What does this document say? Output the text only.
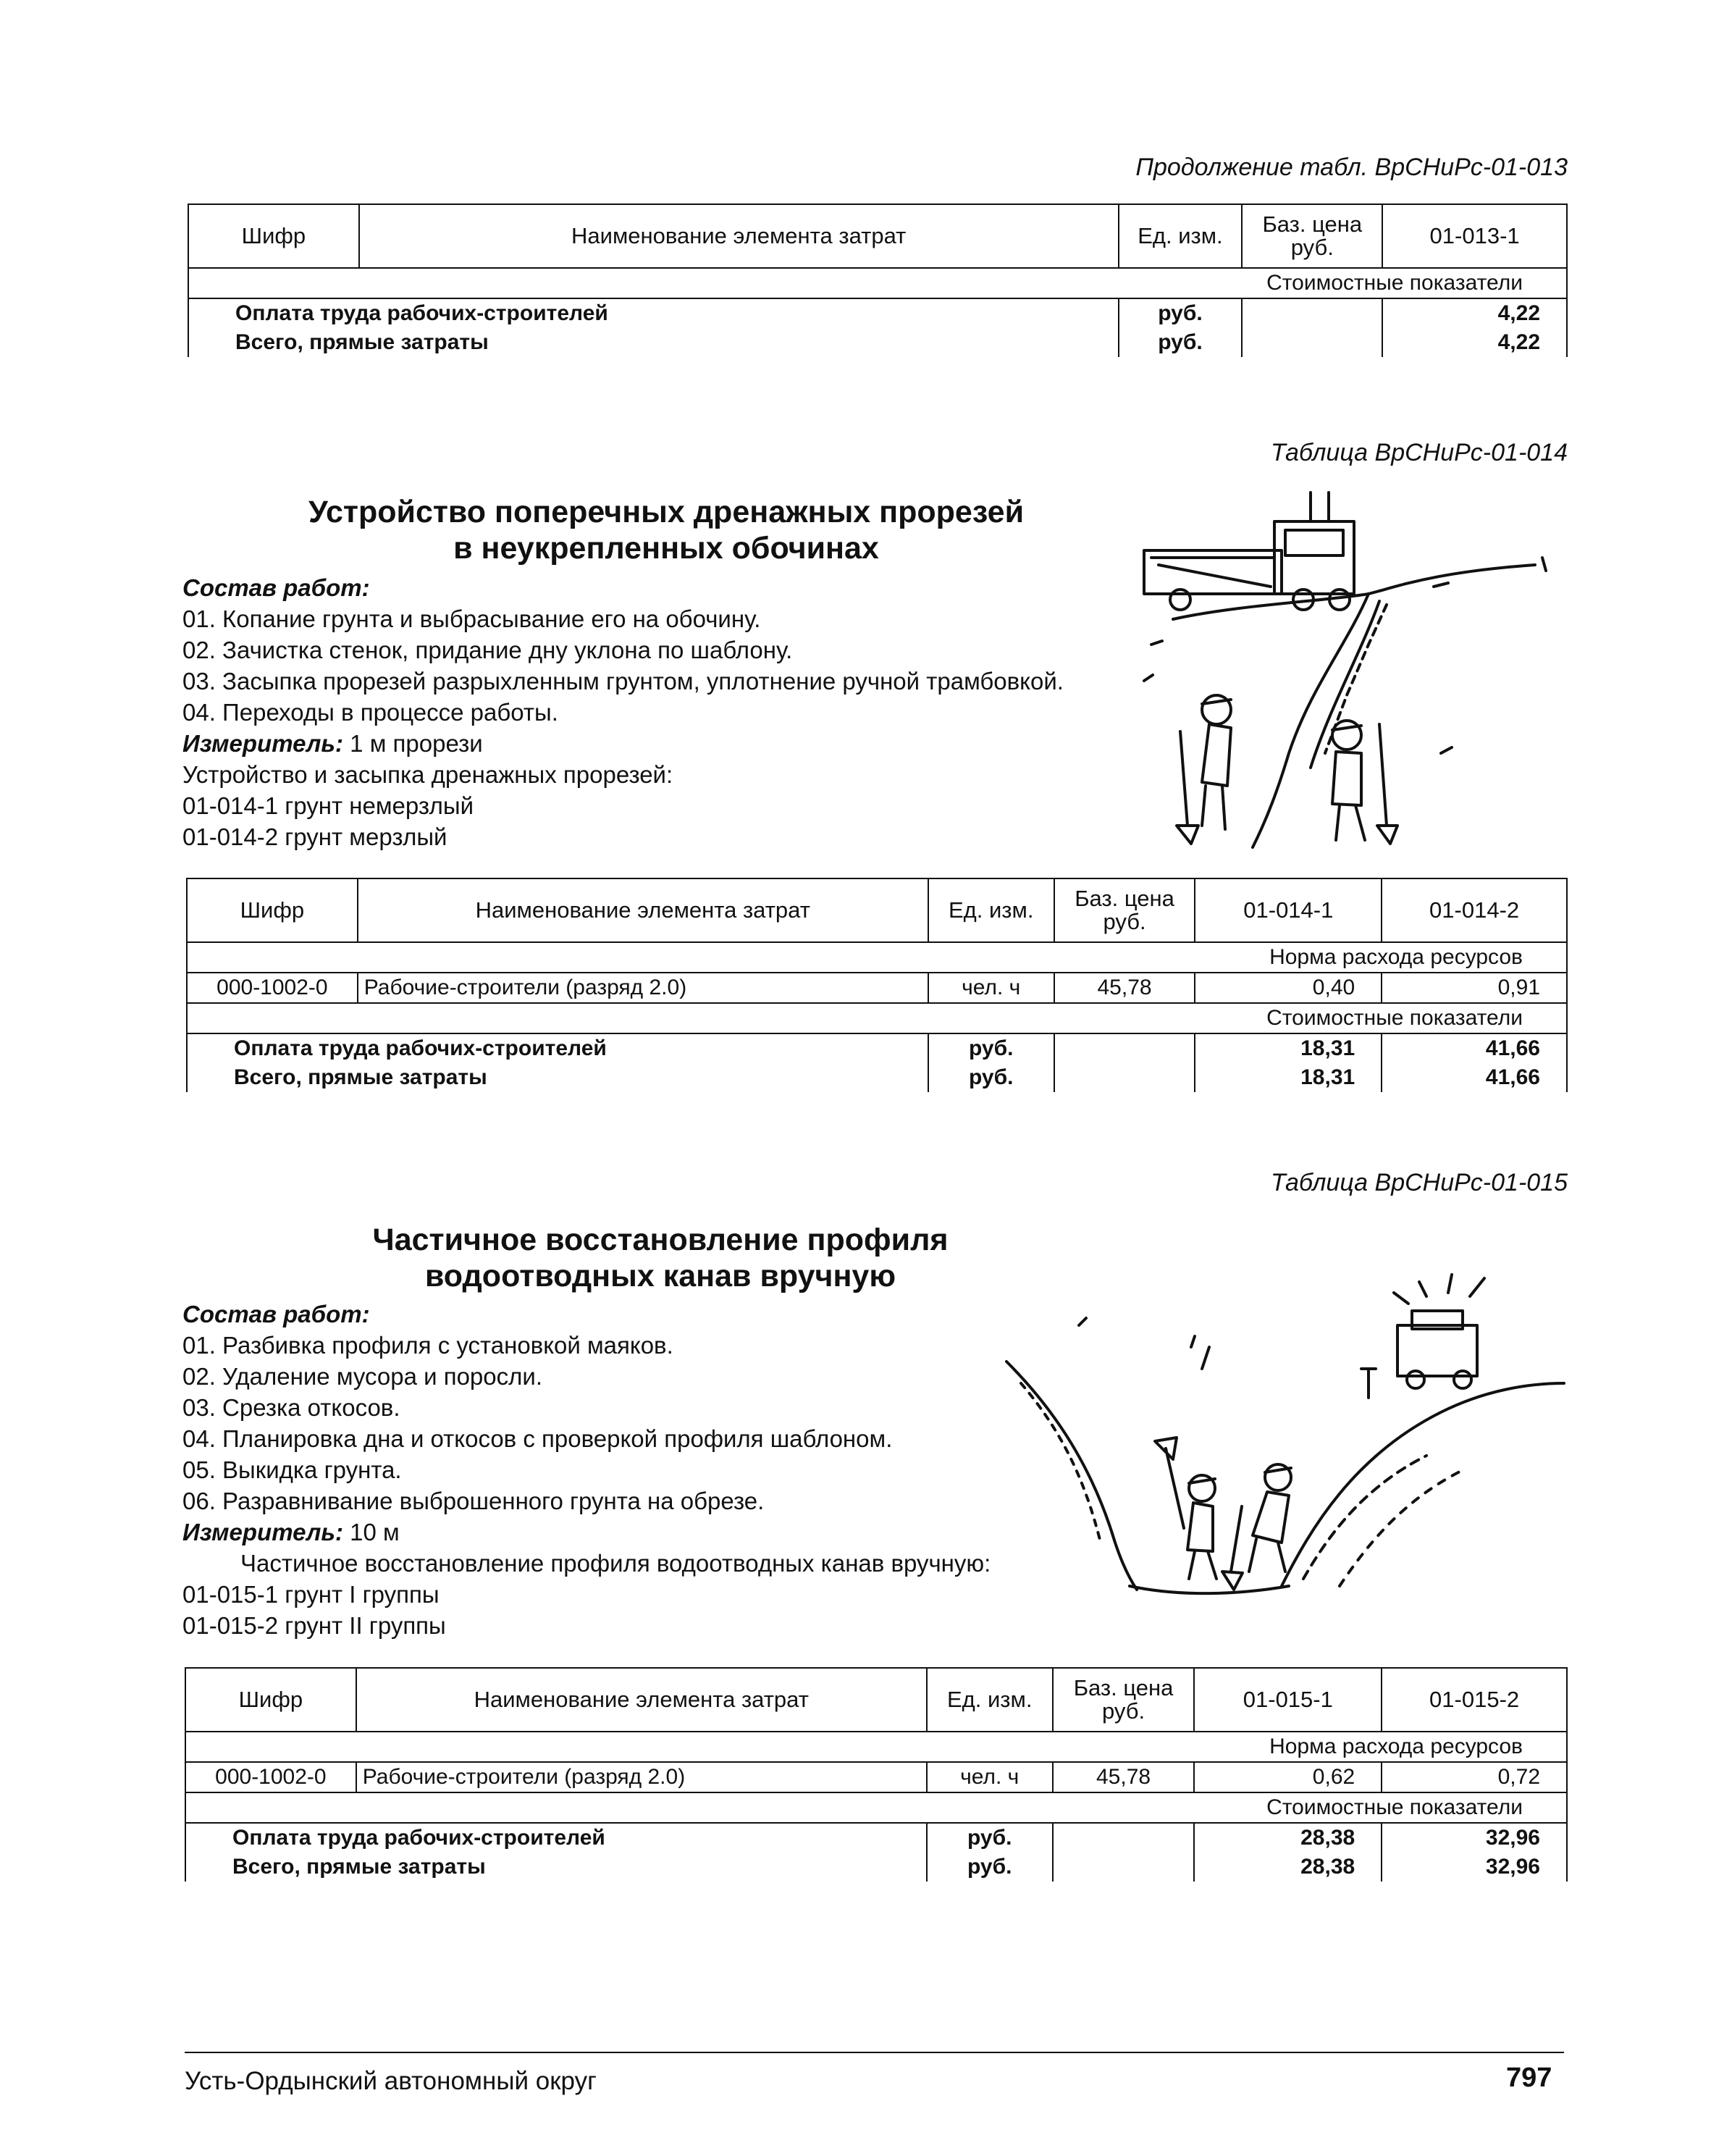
Продолжение табл. ВрСНиРс-01-013
Шифр	Наименование элемента затрат	Ед. изм.	Баз. цена
руб.	01-013-1
Стоимостные показатели				
Оплата труда рабочих-строителей		руб.		4,22
Всего, прямые затраты		руб.		4,22
Таблица ВрСНиРс-01-014
Устройство поперечных дренажных прорезей
в неукрепленных обочинах
Состав работ:
01. Копание грунта и выбрасывание его на обочину.
02. Зачистка стенок, придание дну уклона по шаблону.
03. Засыпка прорезей разрыхленным грунтом, уплотнение ручной трамбовкой.
04. Переходы в процессе работы.
Измеритель: 1 м прорези
Устройство и засыпка дренажных прорезей:
01-014-1 грунт немерзлый
01-014-2 грунт мерзлый
Шифр	Наименование элемента затрат	Ед. изм.	Баз. цена
руб.	01-014-1	01-014-2
Норма расхода ресурсов					
000-1002-0	Рабочие-строители (разряд 2.0)	чел. ч	45,78	0,40	0,91
Стоимостные показатели					
Оплата труда рабочих-строителей		руб.		18,31	41,66
Всего, прямые затраты		руб.		18,31	41,66
Таблица ВрСНиРс-01-015
Частичное восстановление профиля
водоотводных канав вручную
Состав работ:
01. Разбивка профиля с установкой маяков.
02. Удаление мусора и поросли.
03. Срезка откосов.
04. Планировка дна и откосов с проверкой профиля шаблоном.
05. Выкидка грунта.
06. Разравнивание выброшенного грунта на обрезе.
Измеритель: 10 м
Частичное восстановление профиля водоотводных канав вручную:
01-015-1 грунт I группы
01-015-2 грунт II группы
Шифр	Наименование элемента затрат	Ед. изм.	Баз. цена
руб.	01-015-1	01-015-2
Норма расхода ресурсов					
000-1002-0	Рабочие-строители (разряд 2.0)	чел. ч	45,78	0,62	0,72
Стоимостные показатели					
Оплата труда рабочих-строителей		руб.		28,38	32,96
Всего, прямые затраты		руб.		28,38	32,96
Усть-Ордынский автономный округ	797
